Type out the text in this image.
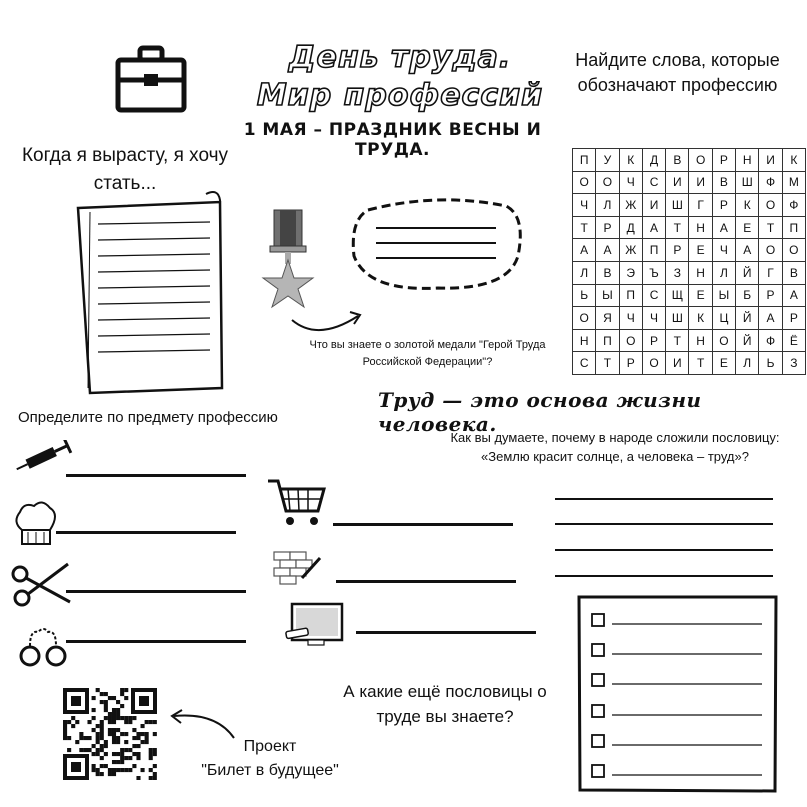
День труда.
Мир профессий
1 МАЯ – ПРАЗДНИК ВЕСНЫ И ТРУДА.
Найдите слова, которые обозначают профессию
П	У	К	Д	В	О	Р	Н	И	К
О	О	Ч	С	И	И	В	Ш	Ф	М
Ч	Л	Ж	И	Ш	Г	Р	К	О	Ф
Т	Р	Д	А	Т	Н	А	Е	Т	П
А	А	Ж	П	Р	Е	Ч	А	О	О
Л	В	Э	Ъ	З	Н	Л	Й	Г	В
Ь	Ы	П	С	Щ	Е	Ы	Б	Р	А
О	Я	Ч	Ч	Ш	К	Ц	Й	А	Р
Н	П	О	Р	Т	Н	О	Й	Ф	Ё
С	Т	Р	О	И	Т	Е	Л	Ь	З
Когда я вырасту, я хочу стать...
Что вы знаете о золотой медали "Герой Труда Российской Федерации"?
Труд — это основа жизни человека.
Как вы думаете, почему в народе сложили пословицу: «Землю красит солнце, а человека – труд»?
Определите по предмету профессию
А какие ещё пословицы о труде вы знаете?
Проект
"Билет в будущее"
